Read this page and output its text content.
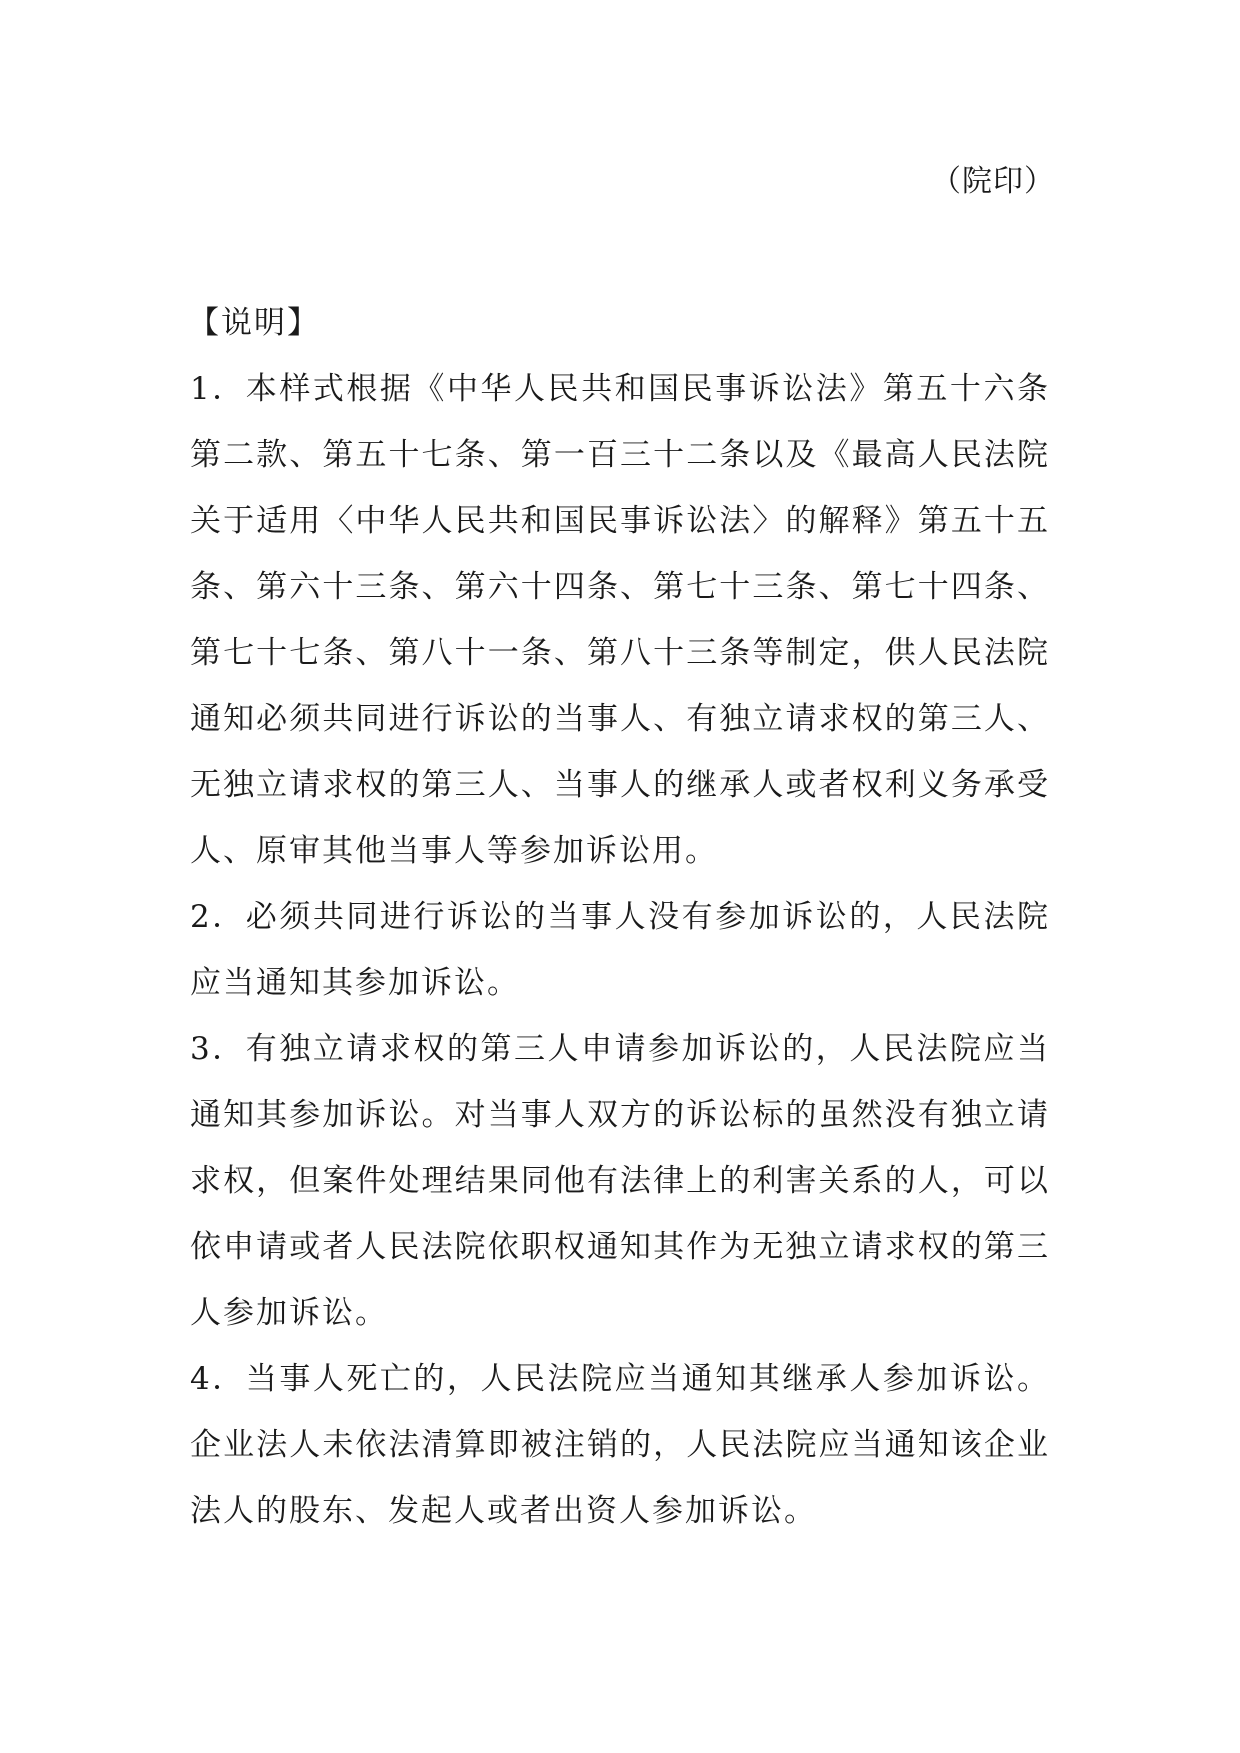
（院印）
【说明】

1．本样式根据《中华人民共和国民事诉讼法》第五十六条第二款、第五十七条、第一百三十二条以及《最高人民法院关于适用〈中华人民共和国民事诉讼法〉的解释》第五十五条、第六十三条、第六十四条、第七十三条、第七十四条、第七十七条、第八十一条、第八十三条等制定，供人民法院通知必须共同进行诉讼的当事人、有独立请求权的第三人、无独立请求权的第三人、当事人的继承人或者权利义务承受人、原审其他当事人等参加诉讼用。

2．必须共同进行诉讼的当事人没有参加诉讼的，人民法院应当通知其参加诉讼。

3．有独立请求权的第三人申请参加诉讼的，人民法院应当通知其参加诉讼。对当事人双方的诉讼标的虽然没有独立请求权，但案件处理结果同他有法律上的利害关系的人，可以依申请或者人民法院依职权通知其作为无独立请求权的第三人参加诉讼。

4．当事人死亡的，人民法院应当通知其继承人参加诉讼。企业法人未依法清算即被注销的，人民法院应当通知该企业法人的股东、发起人或者出资人参加诉讼。
